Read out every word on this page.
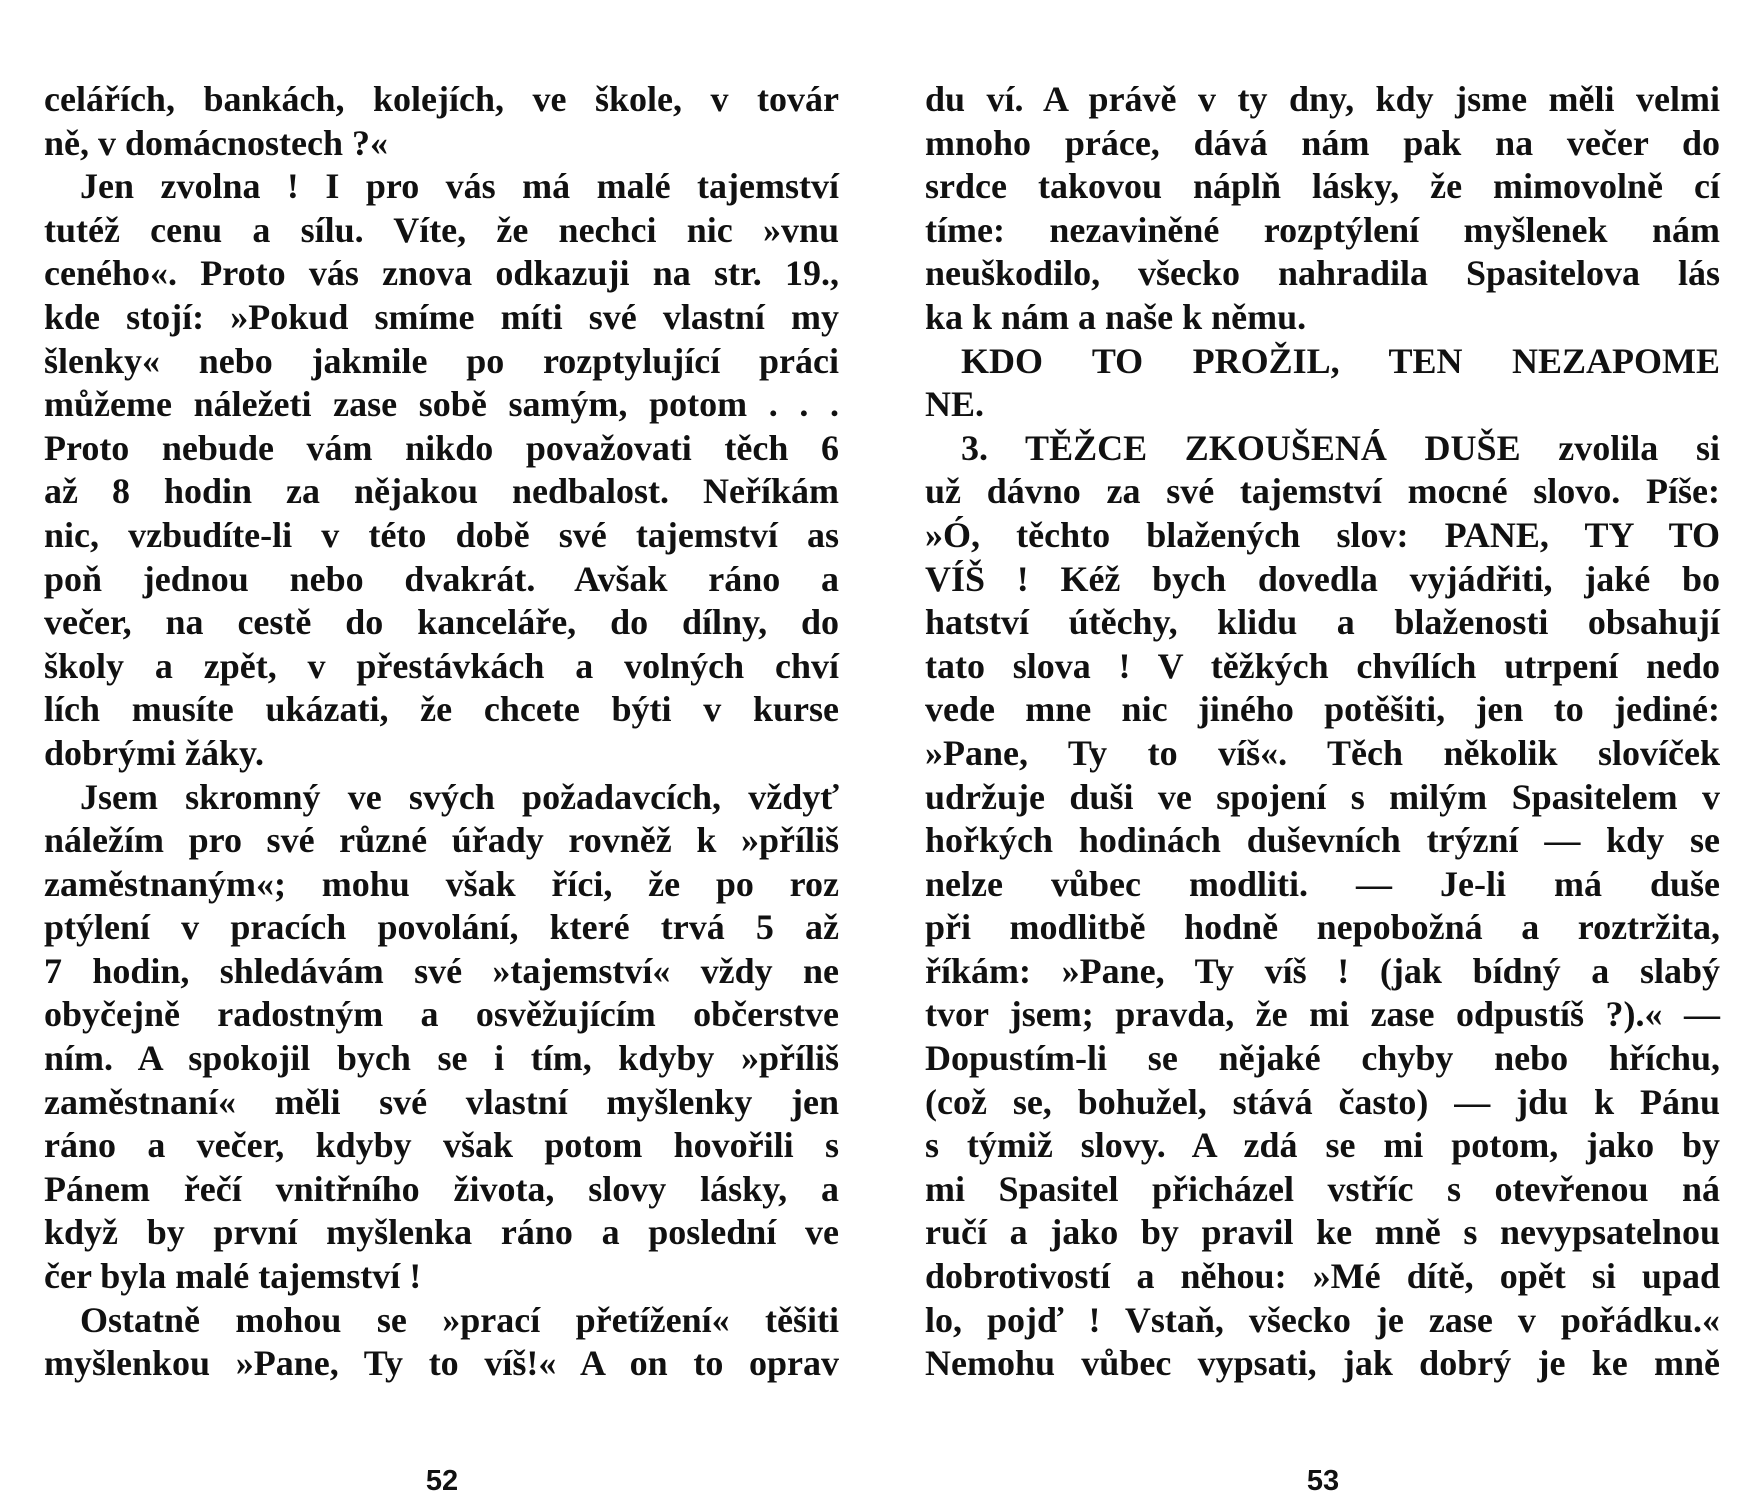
celářích, bankách, kolejích, ve škole, v továr
ně, v domácnostech ?«
Jen zvolna ! I pro vás má malé tajemství
tutéž cenu a sílu. Víte, že nechci nic »vnu
ceného«. Proto vás znova odkazuji na str. 19.,
kde stojí: »Pokud smíme míti své vlastní my
šlenky« nebo jakmile po rozptylující práci
můžeme náležeti zase sobě samým, potom . . .
Proto nebude vám nikdo považovati těch 6
až 8 hodin za nějakou nedbalost. Neříkám
nic, vzbudíte-li v této době své tajemství as
poň jednou nebo dvakrát. Avšak ráno a
večer, na cestě do kanceláře, do dílny, do
školy a zpět, v přestávkách a volných chví
lích musíte ukázati, že chcete býti v kurse
dobrými žáky.
Jsem skromný ve svých požadavcích, vždyť
náležím pro své různé úřady rovněž k »příliš
zaměstnaným«; mohu však říci, že po roz
ptýlení v pracích povolání, které trvá 5 až
7 hodin, shledávám své »tajemství« vždy ne
obyčejně radostným a osvěžujícím občerstve
ním. A spokojil bych se i tím, kdyby »příliš
zaměstnaní« měli své vlastní myšlenky jen
ráno a večer, kdyby však potom hovořili s
Pánem řečí vnitřního života, slovy lásky, a
když by první myšlenka ráno a poslední ve
čer byla malé tajemství !
Ostatně mohou se »prací přetížení« těšiti
myšlenkou »Pane, Ty to víš!« A on to oprav
52
du ví. A právě v ty dny, kdy jsme měli velmi
mnoho práce, dává nám pak na večer do
srdce takovou náplň lásky, že mimovolně cí
tíme: nezaviněné rozptýlení myšlenek nám
neuškodilo, všecko nahradila Spasitelova lás
ka k nám a naše k němu.
KDO TO PROŽIL, TEN NEZAPOME
NE.
3. TĚŽCE ZKOUŠENÁ DUŠE zvolila si
už dávno za své tajemství mocné slovo. Píše:
»Ó, těchto blažených slov: PANE, TY TO
VÍŠ ! Kéž bych dovedla vyjádřiti, jaké bo
hatství útěchy, klidu a blaženosti obsahují
tato slova ! V těžkých chvílích utrpení nedo
vede mne nic jiného potěšiti, jen to jediné:
»Pane, Ty to víš«. Těch několik slovíček
udržuje duši ve spojení s milým Spasitelem v
hořkých hodinách duševních trýzní — kdy se
nelze vůbec modliti. — Je-li má duše
při modlitbě hodně nepobožná a roztržita,
říkám: »Pane, Ty víš ! (jak bídný a slabý
tvor jsem; pravda, že mi zase odpustíš ?).« —
Dopustím-li se nějaké chyby nebo hříchu,
(což se, bohužel, stává často) — jdu k Pánu
s týmiž slovy. A zdá se mi potom, jako by
mi Spasitel přicházel vstříc s otevřenou ná
ručí a jako by pravil ke mně s nevypsatelnou
dobrotivostí a něhou: »Mé dítě, opět si upad
lo, pojď ! Vstaň, všecko je zase v pořádku.«
Nemohu vůbec vypsati, jak dobrý je ke mně
53
